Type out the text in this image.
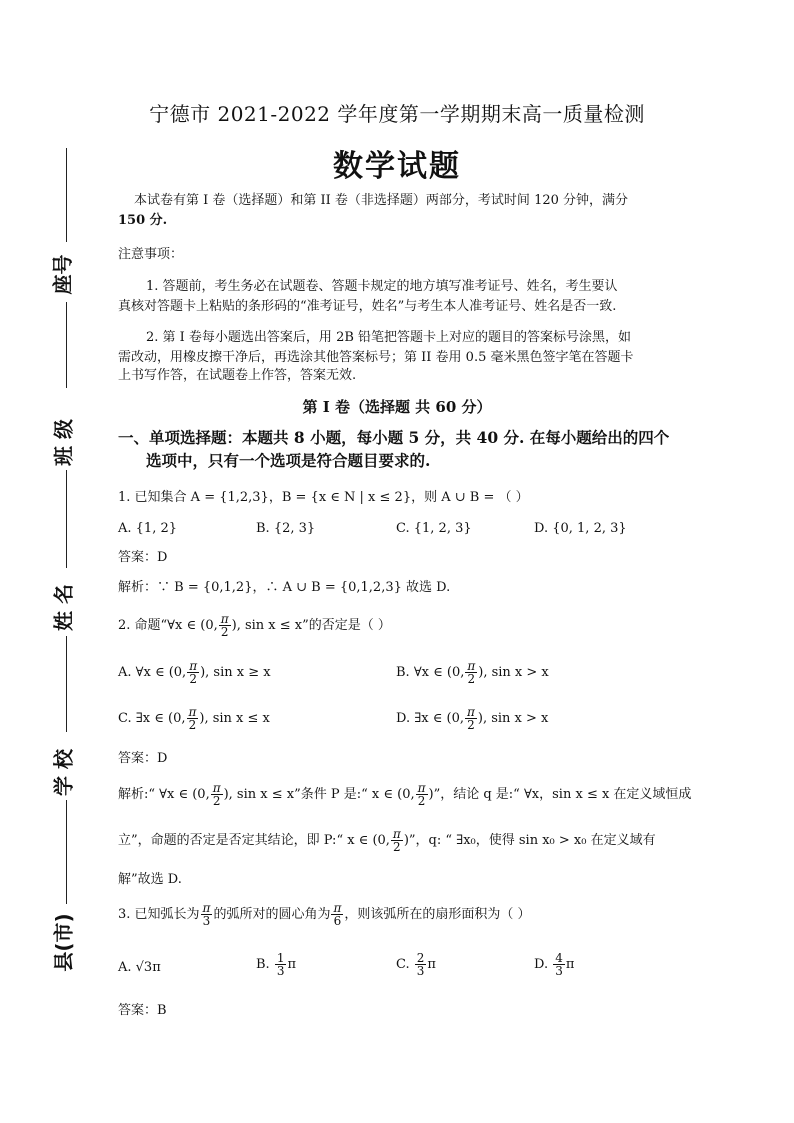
座号
班 级
姓 名
学 校
县(市)
宁德市 2021-2022 学年度第一学期期末高一质量检测
数学试题
本试卷有第 I 卷（选择题）和第 II 卷（非选择题）两部分，考试时间 120 分钟，满分
150 分.
注意事项：
1. 答题前，考生务必在试题卷、答题卡规定的地方填写准考证号、姓名，考生要认
真核对答题卡上粘贴的条形码的“准考证号，姓名”与考生本人准考证号、姓名是否一致.
2. 第 I 卷每小题选出答案后，用 2B 铅笔把答题卡上对应的题目的答案标号涂黑，如
需改动，用橡皮擦干净后，再选涂其他答案标号；第 II 卷用 0.5 毫米黑色签字笔在答题卡
上书写作答，在试题卷上作答，答案无效.
第 I 卷（选择题 共 60 分）
一、单项选择题：本题共 8 小题，每小题 5 分，共 40 分. 在每小题给出的四个
选项中，只有一个选项是符合题目要求的.
1. 已知集合 A = {1,2,3}，B = {x ∈ N | x ≤ 2}，则 A ∪ B = （ ）
A. {1, 2}	B. {2, 3}	C. {1, 2, 3}	D. {0, 1, 2, 3}
答案：D
解析：∵ B = {0,1,2}，∴ A ∪ B = {0,1,2,3} 故选 D.
2. 命题“∀x ∈ (0, $\frac{\pi}{2}$ ), sin x ≤ x”的否定是（ ）
A. ∀x ∈ (0, $\frac{\pi}{2}$ ), sin x ≥ x	B. ∀x ∈ (0, $\frac{\pi}{2}$ ), sin x > x
C. ∃x ∈ (0, $\frac{\pi}{2}$ ), sin x ≤ x	D. ∃x ∈ (0, $\frac{\pi}{2}$ ), sin x > x
答案：D
解析:“ ∀x ∈ (0, $\frac{\pi}{2}$ ), sin x ≤ x”条件 P 是:“ x ∈ (0, $\frac{\pi}{2}$ )”，结论 q 是:“ ∀x，sin x ≤ x 在定义域恒成
立”，命题的否定是否定其结论，即 P:“ x ∈ (0, $\frac{\pi}{2}$ )”，q: “ ∃x₀，使得 sin x₀ > x₀ 在定义域有
解”故选 D.
3. 已知弧长为 $\frac{\pi}{3}$ 的弧所对的圆心角为 $\frac{\pi}{6}$ ，则该弧所在的扇形面积为（ ）
A. √3π	B. $\frac{1}{3}$ π	C. $\frac{2}{3}$ π	D. $\frac{4}{3}$ π
答案：B
